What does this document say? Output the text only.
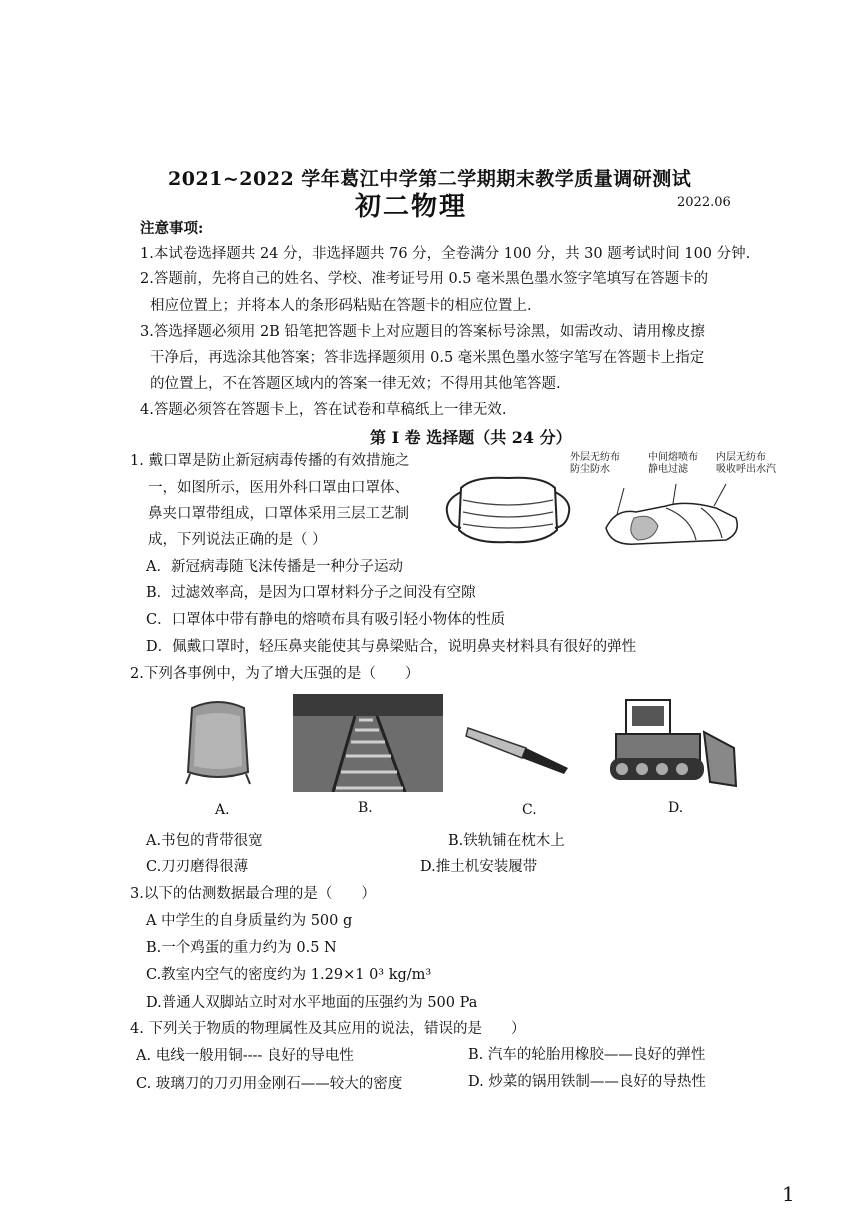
2021~2022 学年葛江中学第二学期期末教学质量调研测试
初二物理	2022.06
注意事项:
1.本试卷选择题共 24 分，非选择题共 76 分，全卷满分 100 分，共 30 题考试时间 100 分钟.
2.答题前，先将自己的姓名、学校、准考证号用 0.5 毫米黑色墨水签字笔填写在答题卡的
相应位置上；并将本人的条形码粘贴在答题卡的相应位置上.
3.答选择题必须用 2B 铅笔把答题卡上对应题目的答案标号涂黑，如需改动、请用橡皮擦
干净后，再选涂其他答案；答非选择题须用 0.5 毫米黑色墨水签字笔写在答题卡上指定
的位置上，不在答题区域内的答案一律无效；不得用其他笔答题.
4.答题必须答在答题卡上，答在试卷和草稿纸上一律无效.
第 I 卷 选择题（共 24 分）
1. 戴口罩是防止新冠病毒传播的有效措施之
一，如图所示，医用外科口罩由口罩体、
鼻夹口罩带组成，口罩体采用三层工艺制
成，下列说法正确的是（ ）
外层无纺布
防尘防水
中间熔喷布
静电过滤
内层无纺布
吸收呼出水汽
A．新冠病毒随飞沫传播是一种分子运动
B．过滤效率高，是因为口罩材料分子之间没有空隙
C．口罩体中带有静电的熔喷布具有吸引轻小物体的性质
D．佩戴口罩时，轻压鼻夹能使其与鼻梁贴合，说明鼻夹材料具有很好的弹性
2.下列各事例中，为了增大压强的是（　　）
A.	B.	C.	D.
A.书包的背带很宽	B.铁轨铺在枕木上
C.刀刃磨得很薄	D.推土机安装履带
3.以下的估测数据最合理的是（　　）
A 中学生的自身质量约为 500 g
B.一个鸡蛋的重力约为 0.5 N
C.教室内空气的密度约为 1.29×1 0³ kg/m³
D.普通人双脚站立时对水平地面的压强约为 500 Pa
4. 下列关于物质的物理属性及其应用的说法，错误的是　　）
A. 电线一般用铜---- 良好的导电性	B. 汽车的轮胎用橡胶——良好的弹性
C. 玻璃刀的刀刃用金刚石——较大的密度	D. 炒菜的锅用铁制——良好的导热性
1
